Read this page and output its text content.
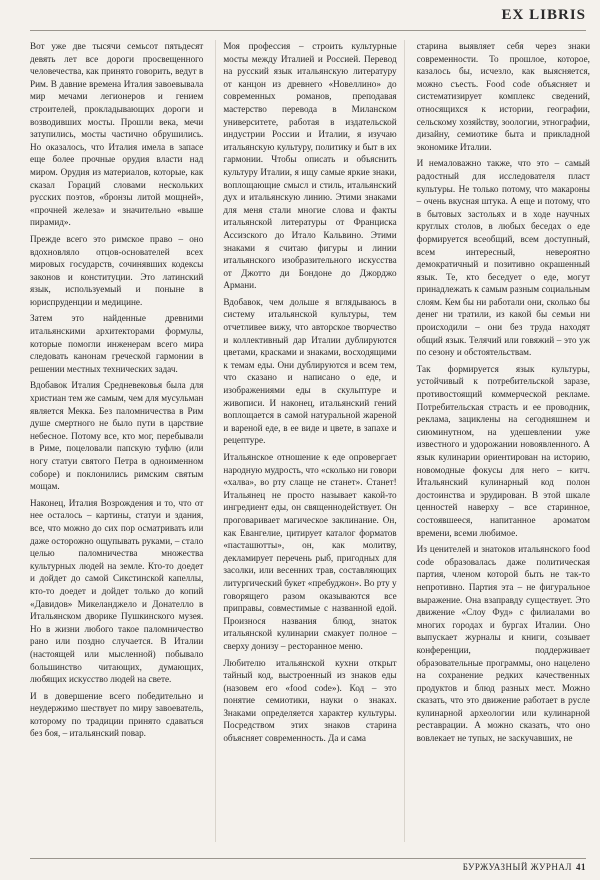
EX LIBRIS

Вот уже две тысячи семьсот пятьдесят девять лет все дороги просвещенного человечества, как принято говорить, ведут в Рим. В давние времена Италия завоевывала мир мечами легионеров и гением строителей, прокладывающих дороги и возводивших мосты. Прошли века, мечи затупились, мосты частично обрушились. Но оказалось, что Италия имела в запасе еще более прочные орудия власти над миром. Орудия из материалов, которые, как сказал Гораций словами нескольких русских поэтов, «бронзы литой мощней», «прочней железа» и значительно «выше пирамид».

Прежде всего это римское право – оно вдохновляло отцов-основателей всех мировых государств, сочинявших кодексы законов и конституции. Это латинский язык, используемый и поныне в юриспруденции и медицине.

Затем это найденные древними итальянскими архитекторами формулы, которые помогли инженерам всего мира следовать канонам греческой гармонии в решении местных технических задач.

Вдобавок Италия Средневековья была для христиан тем же самым, чем для мусульман является Мекка. Без паломничества в Рим душе смертного не было пути в царствие небесное. Потому все, кто мог, перебывали в Риме, поцеловали папскую туфлю (или ногу статуи святого Петра в одноименном соборе) и поклонились римским святым мощам.

Наконец, Италия Возрождения и то, что от нее осталось – картины, статуи и здания, все, что можно до сих пор осматривать или даже осторожно ощупывать руками, – стало целью паломничества множества культурных людей на земле. Кто-то доедет и дойдет до самой Сикстинской капеллы, кто-то доедет и дойдет только до копий «Давидов» Микеланджело и Донателло в Итальянском дворике Пушкинского музея. Но в жизни любого такое паломничество рано или поздно случается. В Италии (настоящей или мысленной) побывало большинство читающих, думающих, любящих искусство людей на свете.

И в довершение всего победительно и неудержимо шествует по миру завоеватель, которому по традиции принято сдаваться без боя, – итальянский повар.

Моя профессия – строить культурные мосты между Италией и Россией. Перевод на русский язык итальянскую литературу от канцон из древнего «Новеллино» до современных романов, преподавая мастерство перевода в Миланском университете, работая в издательской индустрии России и Италии, я изучаю итальянскую культуру, политику и быт в их гармонии. Чтобы описать и объяснить культуру Италии, я ищу самые яркие знаки, воплощающие смысл и стиль, итальянский дух и итальянскую линию. Этими знаками для меня стали многие слова и факты итальянской литературы от Франциска Ассизского до Итало Кальвино. Этими знаками я считаю фигуры и линии итальянского изобразительного искусства от Джотто ди Бондоне до Джорджо Армани.

Вдобавок, чем дольше я вглядываюсь в систему итальянской культуры, тем отчетливее вижу, что авторское творчество и коллективный дар Италии дублируются цветами, красками и знаками, восходящими к темам еды. Они дублируются и всем тем, что сказано и написано о еде, и изображениями еды в скульптуре и живописи. И наконец, итальянский гений воплощается в самой натуральной жареной и вареной еде, в ее виде и цвете, в запахе и рецептуре.

Итальянское отношение к еде опровергает народную мудрость, что «сколько ни говори «халва», во рту слаще не станет». Станет! Итальянец не просто называет какой-то ингредиент еды, он священнодействует. Он проговаривает магическое заклинание. Он, как Евангелие, цитирует каталог форматов «пасташютты», он, как молитву, декламирует перечень рыб, пригодных для засолки, или весенних трав, составляющих литургический букет «пребуджон». Во рту у говорящего разом оказываются все приправы, совместимые с названной едой. Произнося названия блюд, знаток итальянской кулинарии смакует полное – сверху донизу – ресторанное меню.

Любителю итальянской кухни открыт тайный код, выстроенный из знаков еды (назовем его «food code»). Код – это понятие семиотики, науки о знаках. Знаками определяется характер культуры. Посредством этих знаков старина объясняет современность. Да и сама

старина выявляет себя через знаки современности. То прошлое, которое, казалось бы, исчезло, как выясняется, можно съесть. Food code объясняет и систематизирует комплекс сведений, относящихся к истории, географии, сельскому хозяйству, зоологии, этнографии, дизайну, семиотике быта и прикладной экономике Италии.

И немаловажно также, что это – самый радостный для исследователя пласт культуры. Не только потому, что макароны – очень вкусная штука. А еще и потому, что в бытовых застольях и в ходе научных круглых столов, в любых беседах о еде формируется всеобщий, всем доступный, всем интересный, невероятно демократичный и позитивно окрашенный язык. Те, кто беседует о еде, могут принадлежать к самым разным социальным слоям. Кем бы ни работали они, сколько бы денег ни тратили, из какой бы семьи ни происходили – они без труда находят общий язык. Телячий или говяжий – это уж по сезону и обстоятельствам.

Так формируется язык культуры, устойчивый к потребительской заразе, противостоящий коммерческой рекламе. Потребительская страсть и ее проводник, реклама, зациклены на сегодняшнем и сиюминутном, на удешевлении уже известного и удорожании новоявленного. А язык кулинарии ориентирован на историю, новомодные фокусы для него – китч. Итальянский кулинарный код полон достоинства и эрудирован. В этой шкале ценностей наверху – все старинное, состоявшееся, напитанное ароматом времени, всеми любимое.

Из ценителей и знатоков итальянского food code образовалась даже политическая партия, членом которой быть не так-то непротивно. Партия эта – не фигуральное выражение. Она взаправду существует. Это движение «Слоу Фуд» с филиалами во многих городах и бургах Италии. Оно выпускает журналы и книги, созывает конференции, поддерживает образовательные программы, оно нацелено на сохранение редких качественных продуктов и блюд разных мест. Можно сказать, что это движение работает в русле кулинарной археологии или кулинарной реставрации. А можно сказать, что оно вовлекает не тупых, не заскучавших, не

БУРЖУАЗНЫЙ ЖУРНАЛ 41
